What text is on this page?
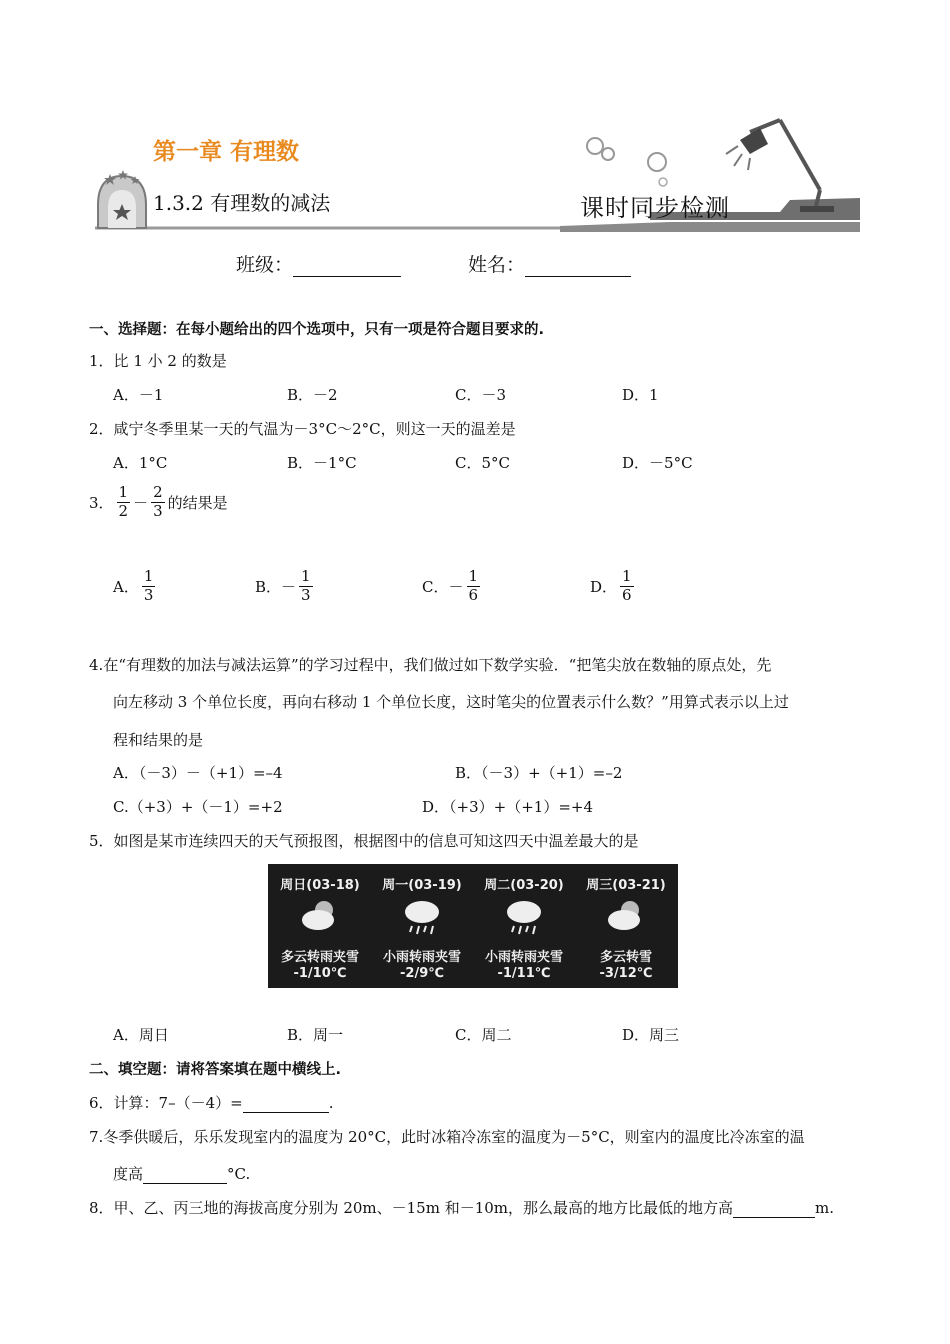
第一章 有理数
1.3.2 有理数的减法	课时同步检测
班级：	姓名：
一、选择题：在每小题给出的四个选项中，只有一项是符合题目要求的.
1．比 1 小 2 的数是
A．－1	B．－2	C．－3	D．1
2．咸宁冬季里某一天的气温为－3°C～2°C，则这一天的温差是
A．1°C	B．－1°C	C．5°C	D．－5°C
3． $\frac{1}{2} - \frac{2}{3}$ 的结果是
A． $\frac{1}{3}$	B． － $\frac{1}{3}$	C． － $\frac{1}{6}$	D． $\frac{1}{6}$
4.在“有理数的加法与减法运算”的学习过程中，我们做过如下数学实验．“把笔尖放在数轴的原点处，先
向左移动 3 个单位长度，再向右移动 1 个单位长度，这时笔尖的位置表示什么数？”用算式表示以上过
程和结果的是
A．（－3）－（+1）=–4	B．（－3）+（+1）=–2
C.（+3）+（－1）=+2	D．（+3）+（+1）=+4
5．如图是某市连续四天的天气预报图，根据图中的信息可知这四天中温差最大的是
周日(03-18)
多云转雨夹雪
-1/10℃
周一(03-19)
小雨转雨夹雪
-2/9℃
周二(03-20)
小雨转雨夹雪
-1/11℃
周三(03-21)
多云转雪
-3/12℃
A．周日	B．周一	C．周二	D．周三
二、填空题：请将答案填在题中横线上.
6．计算：7–（－4）=	.
7.冬季供暖后，乐乐发现室内的温度为 20°C，此时冰箱冷冻室的温度为－5°C，则室内的温度比冷冻室的温
度高	°C.
8．甲、乙、丙三地的海拔高度分别为 20m、－15m 和－10m，那么最高的地方比最低的地方高	m.
